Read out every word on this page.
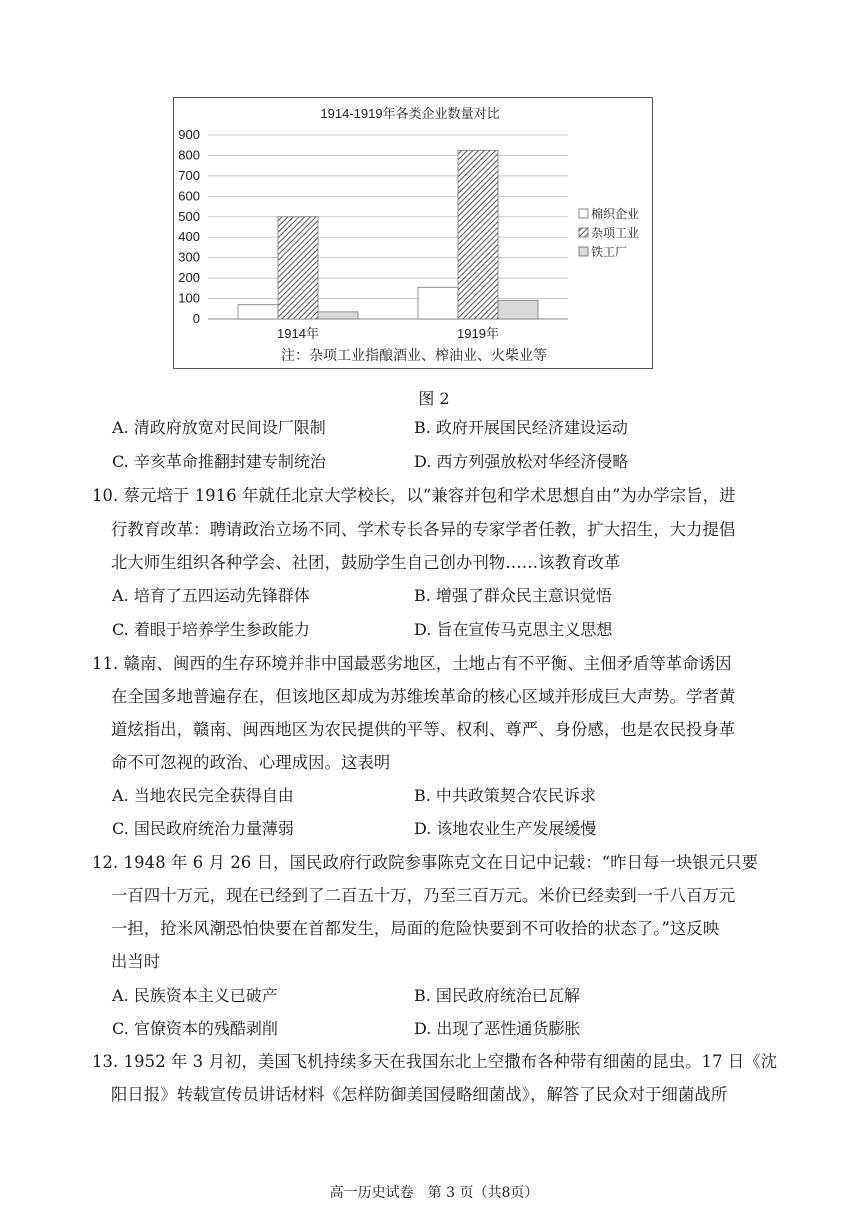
1914-1919年各类企业数量对比
0
100
200
300
400
500
600
700
800
900
1914年	1919年
棉织企业
杂项工业
铁工厂
注：杂项工业指酿酒业、榨油业、火柴业等
图 2
A. 清政府放宽对民间设厂限制	B. 政府开展国民经济建设运动
C. 辛亥革命推翻封建专制统治	D. 西方列强放松对华经济侵略
10. 蔡元培于 1916 年就任北京大学校长，以“兼容并包和学术思想自由”为办学宗旨，进
行教育改革：聘请政治立场不同、学术专长各异的专家学者任教，扩大招生，大力提倡
北大师生组织各种学会、社团，鼓励学生自己创办刊物……该教育改革
A. 培育了五四运动先锋群体	B. 增强了群众民主意识觉悟
C. 着眼于培养学生参政能力	D. 旨在宣传马克思主义思想
11. 赣南、闽西的生存环境并非中国最恶劣地区，土地占有不平衡、主佃矛盾等革命诱因
在全国多地普遍存在，但该地区却成为苏维埃革命的核心区域并形成巨大声势。学者黄
道炫指出，赣南、闽西地区为农民提供的平等、权利、尊严、身份感，也是农民投身革
命不可忽视的政治、心理成因。这表明
A. 当地农民完全获得自由	B. 中共政策契合农民诉求
C. 国民政府统治力量薄弱	D. 该地农业生产发展缓慢
12. 1948 年 6 月 26 日，国民政府行政院参事陈克文在日记中记载：“昨日每一块银元只要
一百四十万元，现在已经到了二百五十万，乃至三百万元。米价已经卖到一千八百万元
一担，抢米风潮恐怕快要在首都发生，局面的危险快要到不可收拾的状态了。”这反映
出当时
A. 民族资本主义已破产	B. 国民政府统治已瓦解
C. 官僚资本的残酷剥削	D. 出现了恶性通货膨胀
13. 1952 年 3 月初，美国飞机持续多天在我国东北上空撒布各种带有细菌的昆虫。17 日《沈
阳日报》转载宣传员讲话材料《怎样防御美国侵略细菌战》，解答了民众对于细菌战所
高一历史试卷　第 3 页（共8页）
